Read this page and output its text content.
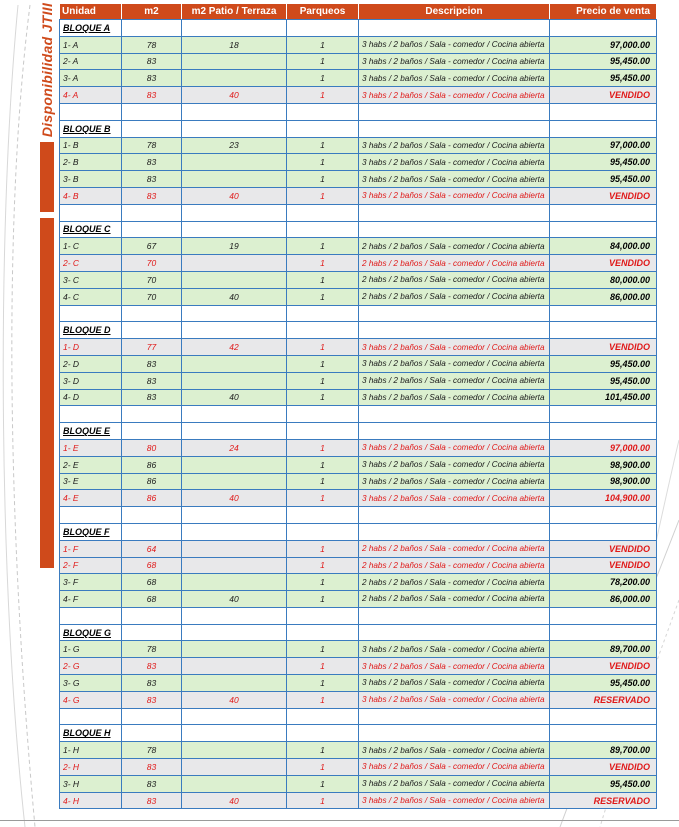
Disponibilidad JTIII Unidad	m2	m2 Patio / Terraza	Parqueos	Descripcion	Precio de venta
BLOQUE A					
1- A	78	18	1	3 habs / 2 baños / Sala - comedor / Cocina abierta	97,000.00
2- A	83		1	3 habs / 2 baños / Sala - comedor / Cocina abierta	95,450.00
3- A	83		1	3 habs / 2 baños / Sala - comedor / Cocina abierta	95,450.00
4- A	83	40	1	3 habs / 2 baños / Sala - comedor / Cocina abierta	VENDIDO

BLOQUE B					
1- B	78	23	1	3 habs / 2 baños / Sala - comedor / Cocina abierta	97,000.00
2- B	83		1	3 habs / 2 baños / Sala - comedor / Cocina abierta	95,450.00
3- B	83		1	3 habs / 2 baños / Sala - comedor / Cocina abierta	95,450.00
4- B	83	40	1	3 habs / 2 baños / Sala - comedor / Cocina abierta	VENDIDO

BLOQUE C					
1- C	67	19	1	2 habs / 2 baños / Sala - comedor / Cocina abierta	84,000.00
2- C	70		1	2 habs / 2 baños / Sala - comedor / Cocina abierta	VENDIDO
3- C	70		1	2 habs / 2 baños / Sala - comedor / Cocina abierta	80,000.00
4- C	70	40	1	2 habs / 2 baños / Sala - comedor / Cocina abierta	86,000.00

BLOQUE D					
1- D	77	42	1	3 habs / 2 baños / Sala - comedor / Cocina abierta	VENDIDO
2- D	83		1	3 habs / 2 baños / Sala - comedor / Cocina abierta	95,450.00
3- D	83		1	3 habs / 2 baños / Sala - comedor / Cocina abierta	95,450.00
4- D	83	40	1	3 habs / 2 baños / Sala - comedor / Cocina abierta	101,450.00

BLOQUE E					
1- E	80	24	1	3 habs / 2 baños / Sala - comedor / Cocina abierta	97,000.00
2- E	86		1	3 habs / 2 baños / Sala - comedor / Cocina abierta	98,900.00
3- E	86		1	3 habs / 2 baños / Sala - comedor / Cocina abierta	98,900.00
4- E	86	40	1	3 habs / 2 baños / Sala - comedor / Cocina abierta	104,900.00

BLOQUE F					
1- F	64		1	2 habs / 2 baños / Sala - comedor / Cocina abierta	VENDIDO
2- F	68		1	2 habs / 2 baños / Sala - comedor / Cocina abierta	VENDIDO
3- F	68		1	2 habs / 2 baños / Sala - comedor / Cocina abierta	78,200.00
4- F	68	40	1	2 habs / 2 baños / Sala - comedor / Cocina abierta	86,000.00

BLOQUE G					
1- G	78		1	3 habs / 2 baños / Sala - comedor / Cocina abierta	89,700.00
2- G	83		1	3 habs / 2 baños / Sala - comedor / Cocina abierta	VENDIDO
3- G	83		1	3 habs / 2 baños / Sala - comedor / Cocina abierta	95,450.00
4- G	83	40	1	3 habs / 2 baños / Sala - comedor / Cocina abierta	RESERVADO

BLOQUE H					
1- H	78		1	3 habs / 2 baños / Sala - comedor / Cocina abierta	89,700.00
2- H	83		1	3 habs / 2 baños / Sala - comedor / Cocina abierta	VENDIDO
3- H	83		1	3 habs / 2 baños / Sala - comedor / Cocina abierta	95,450.00
4- H	83	40	1	3 habs / 2 baños / Sala - comedor / Cocina abierta	RESERVADO
